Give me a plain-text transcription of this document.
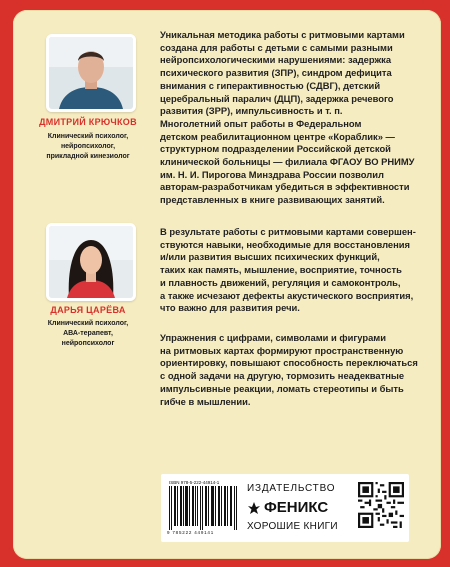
ДМИТРИЙ КРЮЧКОВ
Клинический психолог,
нейропсихолог,
прикладной кинезиолог
ДАРЬЯ ЦАРЁВА
Клинический психолог,
АВА-терапевт,
нейропсихолог
Уникальная методика работы с ритмовыми картами
создана для работы с детьми с самыми разными
нейропсихологическими нарушениями: задержка
психического развития (ЗПР), синдром дефицита
внимания с гиперактивностью (СДВГ), детский
церебральный паралич (ДЦП), задержка речевого
развития (ЗРР), импульсивность и т. п.
Многолетний опыт работы в Федеральном
детском реабилитационном центре «Кораблик» —
структурном подразделении Российской детской
клинической больницы — филиала ФГАОУ ВО РНИМУ
им. Н. И. Пирогова Минздрава России позволил
авторам-разработчикам убедиться в эффективности
представленных в книге развивающих занятий.
В результате работы с ритмовыми картами совершен-
ствуются навыки, необходимые для восстановления
и/или развития высших психических функций,
таких как память, мышление, восприятие, точность
и плавность движений, регуляция и самоконтроль,
а также исчезают дефекты акустического восприятия,
что важно для развития речи.
Упражнения с цифрами, символами и фигурами
на ритмовых картах формируют пространственную
ориентировку, повышают способность переключаться
с одной задачи на другую, тормозить неадекватные
импульсивные реакции, ломать стереотипы и быть
гибче в мышлении.
ISBN 978-5-222-44914-1
9 785222 449141
ИЗДАТЕЛЬСТВО
ФЕНИКС
ХОРОШИЕ КНИГИ
